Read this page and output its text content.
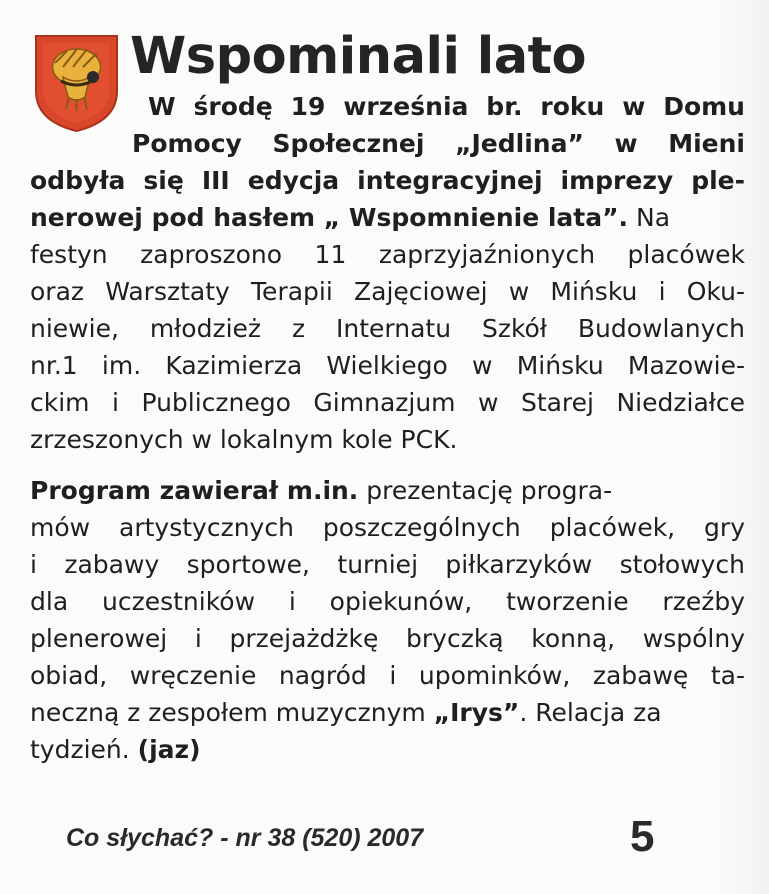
Wspominali lato
W środę 19 września br. roku w Domu
Pomocy Społecznej „Jedlina” w Mieni
odbyła się III edycja integracyjnej imprezy ple-
nerowej pod hasłem „ Wspomnienie lata”. Na
festyn zaproszono 11 zaprzyjaźnionych placówek
oraz Warsztaty Terapii Zajęciowej w Mińsku i Oku-
niewie, młodzież z Internatu Szkół Budowlanych
nr.1 im. Kazimierza Wielkiego w Mińsku Mazowie-
ckim i Publicznego Gimnazjum w Starej Niedziałce
zrzeszonych w lokalnym kole PCK.
Program zawierał m.in. prezentację progra-
mów artystycznych poszczególnych placówek, gry
i zabawy sportowe, turniej piłkarzyków stołowych
dla uczestników i opiekunów, tworzenie rzeźby
plenerowej i przejażdżkę bryczką konną, wspólny
obiad, wręczenie nagród i upominków, zabawę ta-
neczną z zespołem muzycznym „Irys”. Relacja za
tydzień. (jaz)
Co słychać? - nr 38 (520) 2007	5
